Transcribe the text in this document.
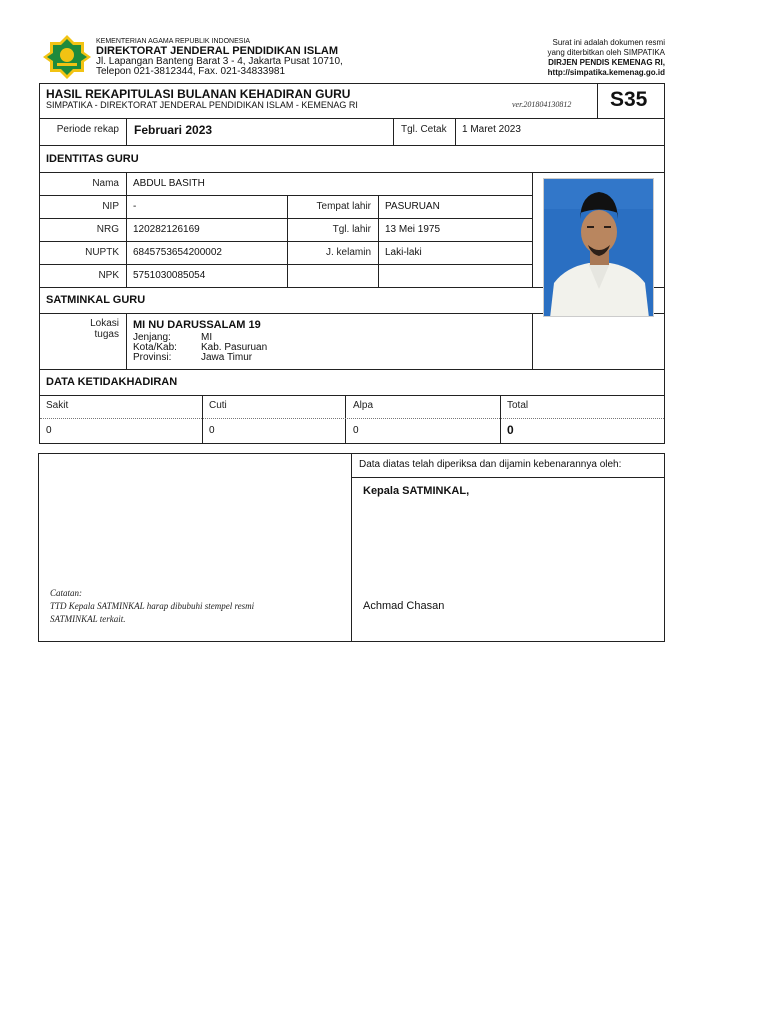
KEMENTERIAN AGAMA REPUBLIK INDONESIA
DIREKTORAT JENDERAL PENDIDIKAN ISLAM
Jl. Lapangan Banteng Barat 3 - 4, Jakarta Pusat 10710,
Telepon 021-3812344, Fax. 021-34833981
Surat ini adalah dokumen resmi
yang diterbitkan oleh SIMPATIKA
DIRJEN PENDIS KEMENAG RI,
http://simpatika.kemenag.go.id
HASIL REKAPITULASI BULANAN KEHADIRAN GURU
SIMPATIKA - DIREKTORAT JENDERAL PENDIDIKAN ISLAM - KEMENAG RI	ver.201804130812 S35
Periode rekap Februari 2023	Tgl. Cetak 1 Maret 2023
IDENTITAS GURU
Nama ABDUL BASITH
NIP -	Tempat lahir PASURUAN
NRG 120282126169	Tgl. lahir 13 Mei 1975
NUPTK 6845753654200002	J. kelamin Laki-laki
NPK 5751030085054
SATMINKAL GURU
Lokasi
tugas
MI NU DARUSSALAM 19
Jenjang:	MI
Kota/Kab: Kab. Pasuruan
Provinsi:	Jawa Timur
DATA KETIDAKHADIRAN
Sakit	Cuti	Alpa	Total
0	0	0	0
Catatan:
TTD Kepala SATMINKAL harap dibubuhi stempel resmi
SATMINKAL terkait.
Data diatas telah diperiksa dan dijamin kebenarannya oleh:
Kepala SATMINKAL,
Achmad Chasan
